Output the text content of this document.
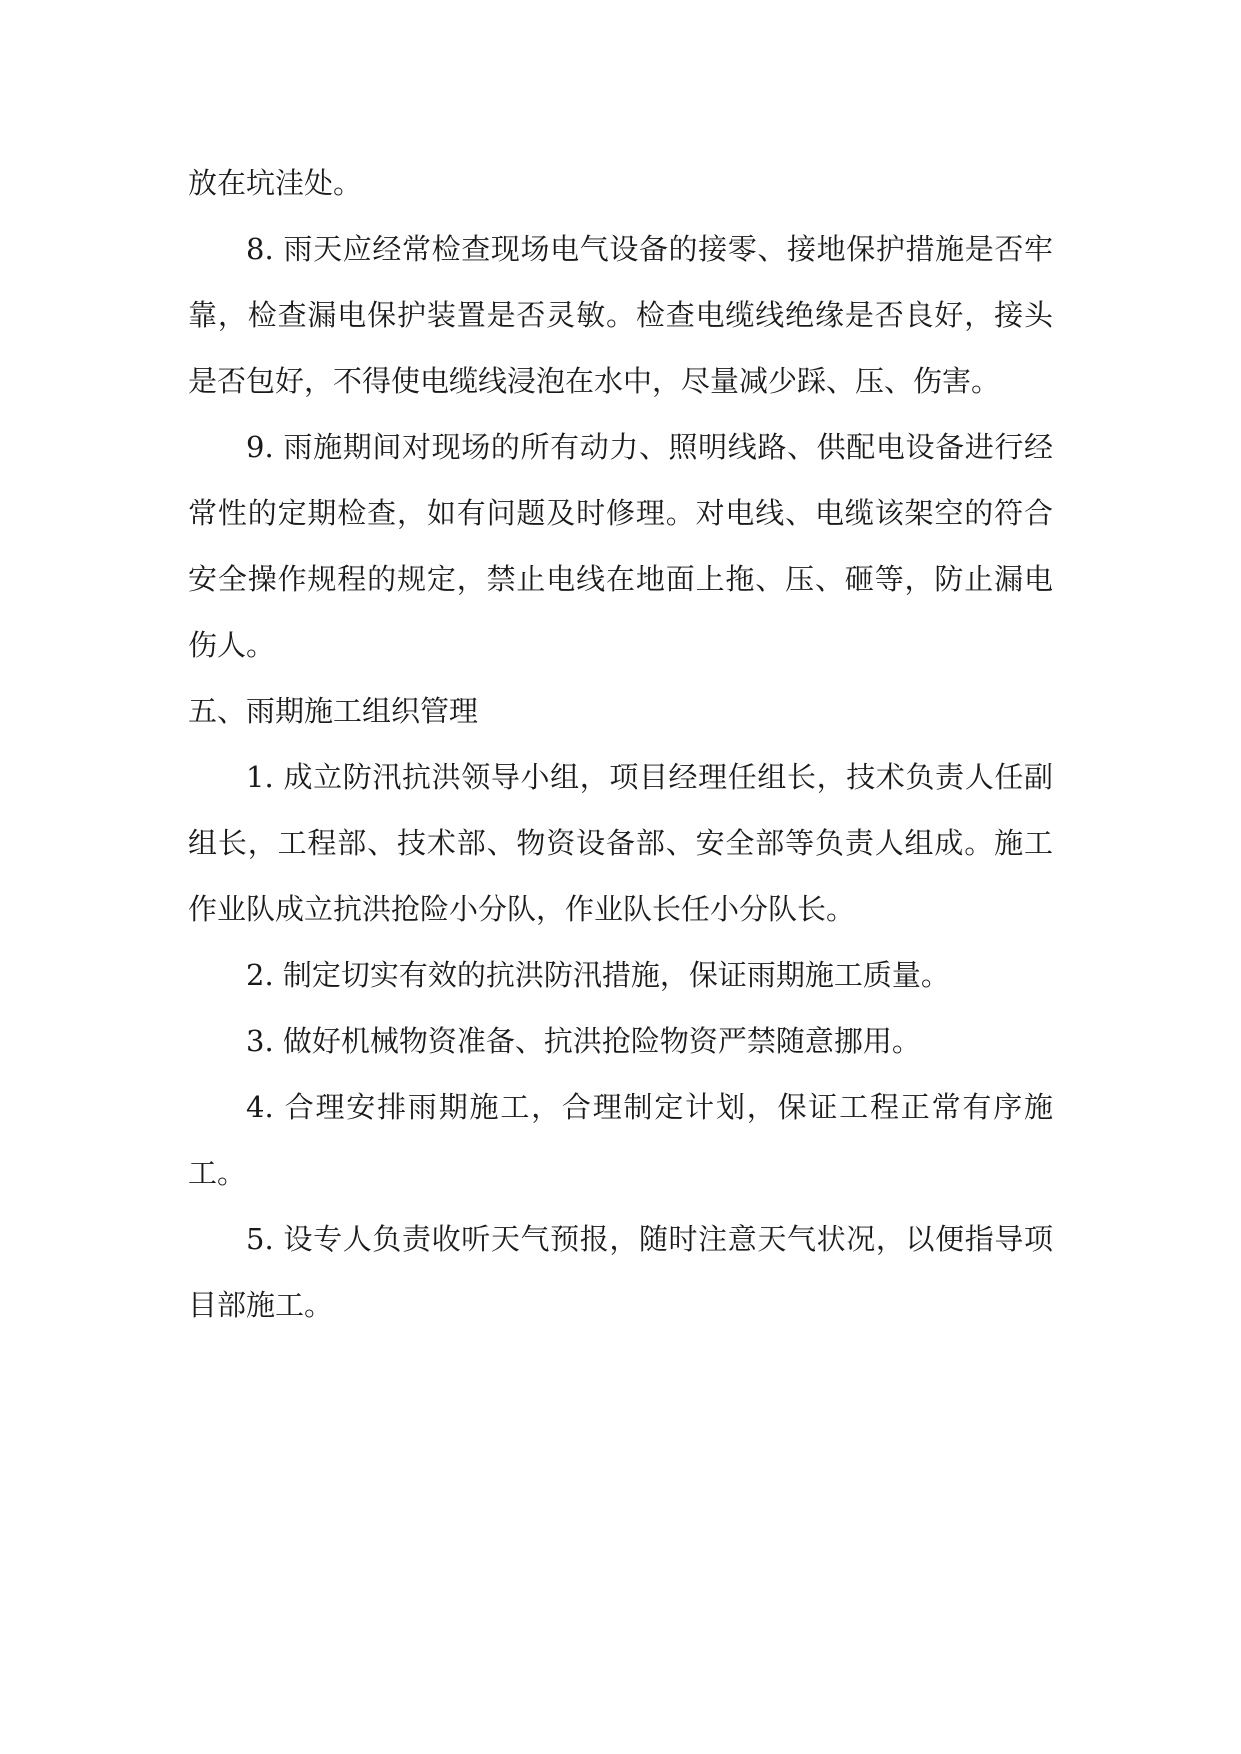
放在坑洼处。

8. 雨天应经常检查现场电气设备的接零、接地保护措施是否牢靠，检查漏电保护装置是否灵敏。检查电缆线绝缘是否良好，接头是否包好，不得使电缆线浸泡在水中，尽量减少踩、压、伤害。

9. 雨施期间对现场的所有动力、照明线路、供配电设备进行经常性的定期检查，如有问题及时修理。对电线、电缆该架空的符合安全操作规程的规定，禁止电线在地面上拖、压、砸等，防止漏电伤人。

五、雨期施工组织管理

1. 成立防汛抗洪领导小组，项目经理任组长，技术负责人任副组长，工程部、技术部、物资设备部、安全部等负责人组成。施工作业队成立抗洪抢险小分队，作业队长任小分队长。

2. 制定切实有效的抗洪防汛措施，保证雨期施工质量。

3. 做好机械物资准备、抗洪抢险物资严禁随意挪用。

4. 合理安排雨期施工，合理制定计划，保证工程正常有序施工。

5. 设专人负责收听天气预报，随时注意天气状况，以便指导项目部施工。
